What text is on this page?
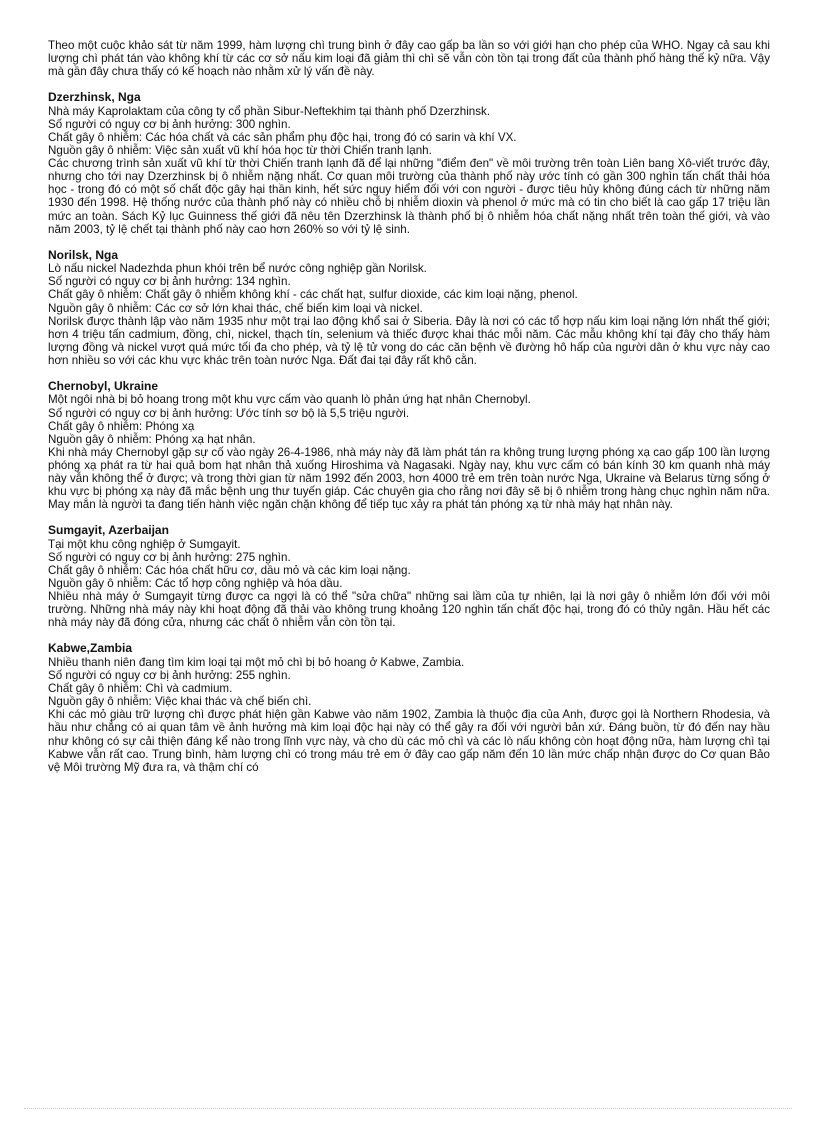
Theo một cuộc khảo sát từ năm 1999, hàm lượng chì trung bình ở đây cao gấp ba lần so với giới hạn cho phép của WHO. Ngay cả sau khi lượng chì phát tán vào không khí từ các cơ sở nấu kim loại đã giảm thì chì sẽ vẫn còn tồn tại trong đất của thành phố hàng thế kỷ nữa. Vậy mà gần đây chưa thấy có kế hoạch nào nhằm xử lý vấn đề này.

Dzerzhinsk, Nga

Nhà máy Kaprolaktam của công ty cổ phần Sibur-Neftekhim tại thành phố Dzerzhinsk.
Số người có nguy cơ bị ảnh hưởng: 300 nghìn.
Chất gây ô nhiễm: Các hóa chất và các sản phẩm phụ độc hại, trong đó có sarin và khí VX.
Nguồn gây ô nhiễm: Việc sản xuất vũ khí hóa học từ thời Chiến tranh lạnh.

Các chương trình sản xuất vũ khí từ thời Chiến tranh lạnh đã để lại những "điểm đen" về môi trường trên toàn Liên bang Xô-viết trước đây, nhưng cho tới nay Dzerzhinsk bị ô nhiễm nặng nhất. Cơ quan môi trường của thành phố này ước tính có gần 300 nghìn tấn chất thải hóa học - trong đó có một số chất độc gây hại thần kinh, hết sức nguy hiểm đối với con người - được tiêu hủy không đúng cách từ những năm 1930 đến 1998. Hệ thống nước của thành phố này có nhiều chỗ bị nhiễm dioxin và phenol ở mức mà có tin cho biết là cao gấp 17 triệu lần mức an toàn. Sách Kỷ lục Guinness thế giới đã nêu tên Dzerzhinsk là thành phố bị ô nhiễm hóa chất nặng nhất trên toàn thế giới, và vào năm 2003, tỷ lệ chết tại thành phố này cao hơn 260% so với tỷ lệ sinh.

Norilsk, Nga

Lò nấu nickel Nadezhda phun khói trên bể nước công nghiệp gần Norilsk.
Số người có nguy cơ bị ảnh hưởng: 134 nghìn.
Chất gây ô nhiễm: Chất gây ô nhiễm không khí - các chất hạt, sulfur dioxide, các kim loại nặng, phenol.
Nguồn gây ô nhiễm: Các cơ sở lớn khai thác, chế biến kim loại và nickel.

Norilsk được thành lập vào năm 1935 như một trại lao động khổ sai ở Siberia. Đây là nơi có các tổ hợp nấu kim loại nặng lớn nhất thế giới; hơn 4 triệu tấn cadmium, đồng, chì, nickel, thạch tín, selenium và thiếc được khai thác mỗi năm. Các mẫu không khí tại đây cho thấy hàm lượng đồng và nickel vượt quá mức tối đa cho phép, và tỷ lệ tử vong do các căn bệnh về đường hô hấp của người dân ở khu vực này cao hơn nhiều so với các khu vực khác trên toàn nước Nga. Đất đai tại đây rất khô cằn.

Chernobyl, Ukraine

Một ngôi nhà bị bỏ hoang trong một khu vực cấm vào quanh lò phản ứng hạt nhân Chernobyl.
Số người có nguy cơ bị ảnh hưởng: Ước tính sơ bộ là 5,5 triệu người.
Chất gây ô nhiễm: Phóng xạ
Nguồn gây ô nhiễm: Phóng xạ hạt nhân.

Khi nhà máy Chernobyl gặp sự cố vào ngày 26-4-1986, nhà máy này đã làm phát tán ra không trung lượng phóng xạ cao gấp 100 lần lượng phóng xạ phát ra từ hai quả bom hạt nhân thả xuống Hiroshima và Nagasaki. Ngày nay, khu vực cấm có bán kính 30 km quanh nhà máy này vẫn không thể ở được; và trong thời gian từ năm 1992 đến 2003, hơn 4000 trẻ em trên toàn nước Nga, Ukraine và Belarus từng sống ở khu vực bị phóng xạ này đã mắc bệnh ung thư tuyến giáp. Các chuyên gia cho rằng nơi đây sẽ bị ô nhiễm trong hàng chục nghìn năm nữa. May mắn là người ta đang tiến hành việc ngăn chặn không để tiếp tục xảy ra phát tán phóng xạ từ nhà máy hạt nhân này.

Sumgayit, Azerbaijan

Tại một khu công nghiệp ở Sumgayit.
Số người có nguy cơ bị ảnh hưởng: 275 nghìn.
Chất gây ô nhiễm: Các hóa chất hữu cơ, dầu mỏ và các kim loại nặng.
Nguồn gây ô nhiễm: Các tổ hợp công nghiệp và hóa dầu.

Nhiều nhà máy ở Sumgayit từng được ca ngợi là có thể "sửa chữa" những sai lầm của tự nhiên, lại là nơi gây ô nhiễm lớn đối với môi trường. Những nhà máy này khi hoạt động đã thải vào không trung khoảng 120 nghìn tấn chất độc hại, trong đó có thủy ngân. Hầu hết các nhà máy này đã đóng cửa, nhưng các chất ô nhiễm vẫn còn tồn tại.

Kabwe,Zambia

Nhiều thanh niên đang tìm kim loại tại một mỏ chì bị bỏ hoang ở Kabwe, Zambia.
Số người có nguy cơ bị ảnh hưởng: 255 nghìn.
Chất gây ô nhiễm: Chì và cadmium.
Nguồn gây ô nhiễm: Việc khai thác và chế biến chì.

Khi các mỏ giàu trữ lượng chì được phát hiện gần Kabwe vào năm 1902, Zambia là thuộc địa của Anh, được gọi là Northern Rhodesia, và hầu như chẳng có ai quan tâm về ảnh hưởng mà kim loại độc hại này có thể gây ra đối với người bản xứ. Đáng buồn, từ đó đến nay hầu như không có sự cải thiện đáng kể nào trong lĩnh vực này, và cho dù các mỏ chì và các lò nấu không còn hoạt động nữa, hàm lượng chì tại Kabwe vẫn rất cao. Trung bình, hàm lượng chì có trong máu trẻ em ở đây cao gấp năm đến 10 lần mức chấp nhận được do Cơ quan Bảo vệ Môi trường Mỹ đưa ra, và thậm chí có
